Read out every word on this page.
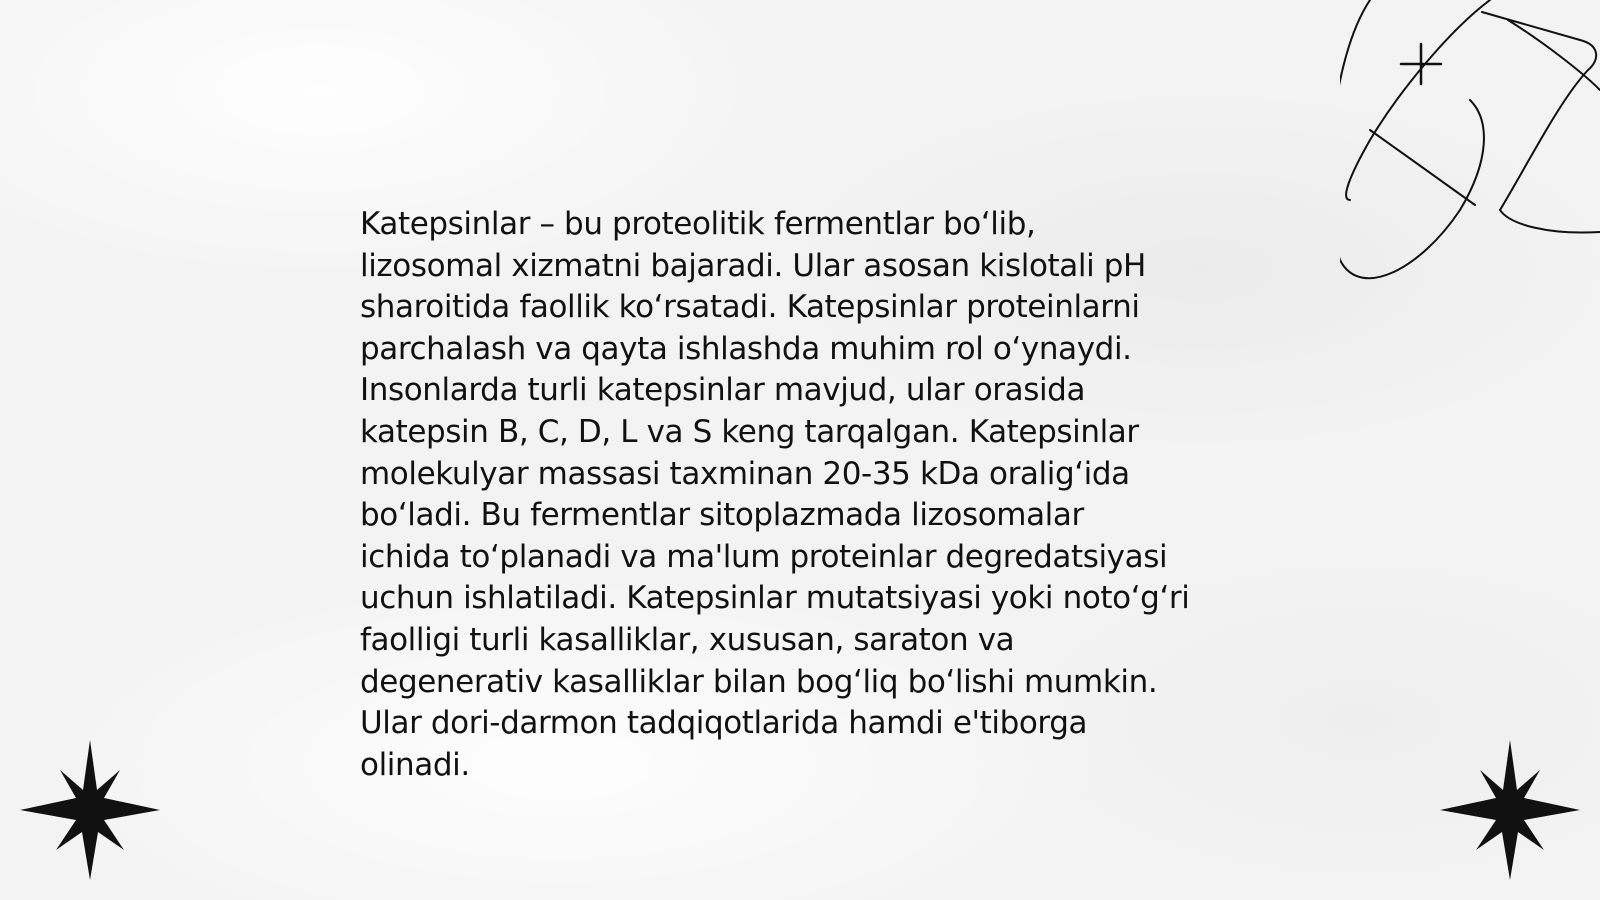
Katepsinlar – bu proteolitik fermentlar boʻlib,
lizosomal xizmatni bajaradi. Ular asosan kislotali pH
sharoitida faollik koʻrsatadi. Katepsinlar proteinlarni
parchalash va qayta ishlashda muhim rol oʻynaydi.
Insonlarda turli katepsinlar mavjud, ular orasida
katepsin B, C, D, L va S keng tarqalgan. Katepsinlar
molekulyar massasi taxminan 20-35 kDa oraligʻida
boʻladi. Bu fermentlar sitoplazmada lizosomalar
ichida toʻplanadi va ma'lum proteinlar degredatsiyasi
uchun ishlatiladi. Katepsinlar mutatsiyasi yoki notoʻgʻri
faolligi turli kasalliklar, xususan, saraton va
degenerativ kasalliklar bilan bogʻliq boʻlishi mumkin.
Ular dori-darmon tadqiqotlarida hamdi e'tiborga
olinadi.
